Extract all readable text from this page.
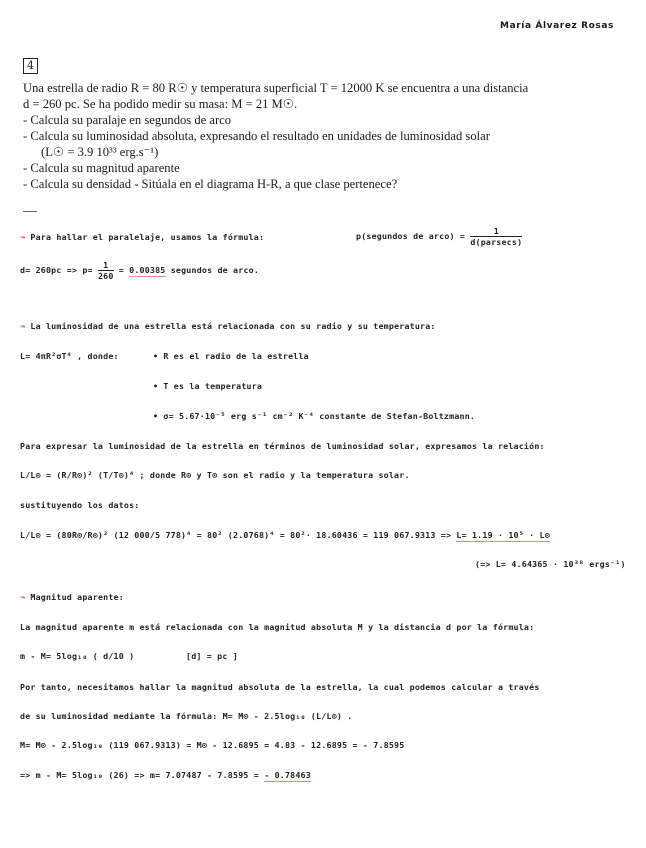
María Álvarez Rosas
4
Una estrella de radio R = 80 R☉ y temperatura superficial T = 12000 K se encuentra a una distancia
d = 260 pc. Se ha podido medir su masa: M = 21 M☉.
- Calcula su paralaje en segundos de arco
- Calcula su luminosidad absoluta, expresando el resultado en unidades de luminosidad solar
(L☉ = 3.9 10³³ erg.s⁻¹)
- Calcula su magnitud aparente
- Calcula su densidad - Sitúala en el diagrama H-R, a que clase pertenece?
↝ Para hallar el paralelaje, usamos la fórmula:	p(segundos de arco) = $\frac{1}{\text{d(parsecs)}}$
$d= 260pc => p= \frac{1}{260} = 0.00385$ segundos de arco.
↝ La luminosidad de una estrella está relacionada con su radio y su temperatura:
L= 4πR²σT⁴ , donde:	• R es el radio de la estrella
• T es la temperatura
• σ= 5.67·10⁻⁵ erg s⁻¹ cm⁻² K⁻⁴ constante de Stefan-Boltzmann.
Para expresar la luminosidad de la estrella en términos de luminosidad solar, expresamos la relación:
L/L⊙ = (R/R⊙)² (T/T⊙)⁴ ; donde R⊙ y T⊙ son el radio y la temperatura solar.
sustituyendo los datos:
L/L⊙ = (80R⊙/R⊙)² (12 000/5 778)⁴ = 80² (2.0768)⁴ = 80²· 18.60436 = 119 067.9313 => L= 1.19 · 10⁵ · L⊙
(=> L= 4.64365 · 10³⁸ ergs⁻¹)
↝ Magnitud aparente:
La magnitud aparente m está relacionada con la magnitud absoluta M y la distancia d por la fórmula:
m - M= 5log₁₀ ( d/10 )	[d] = pc ]
Por tanto, necesitamos hallar la magnitud absoluta de la estrella, la cual podemos calcular a través
de su luminosidad mediante la fórmula: M= M⊙ - 2.5log₁₀ (L/L⊙) .
M= M⊙ - 2.5log₁₀ (119 067.9313) = M⊙ - 12.6895 = 4.83 - 12.6895 = - 7.8595
=> m - M= 5log₁₀ (26) => m= 7.07487 - 7.8595 = - 0.78463
